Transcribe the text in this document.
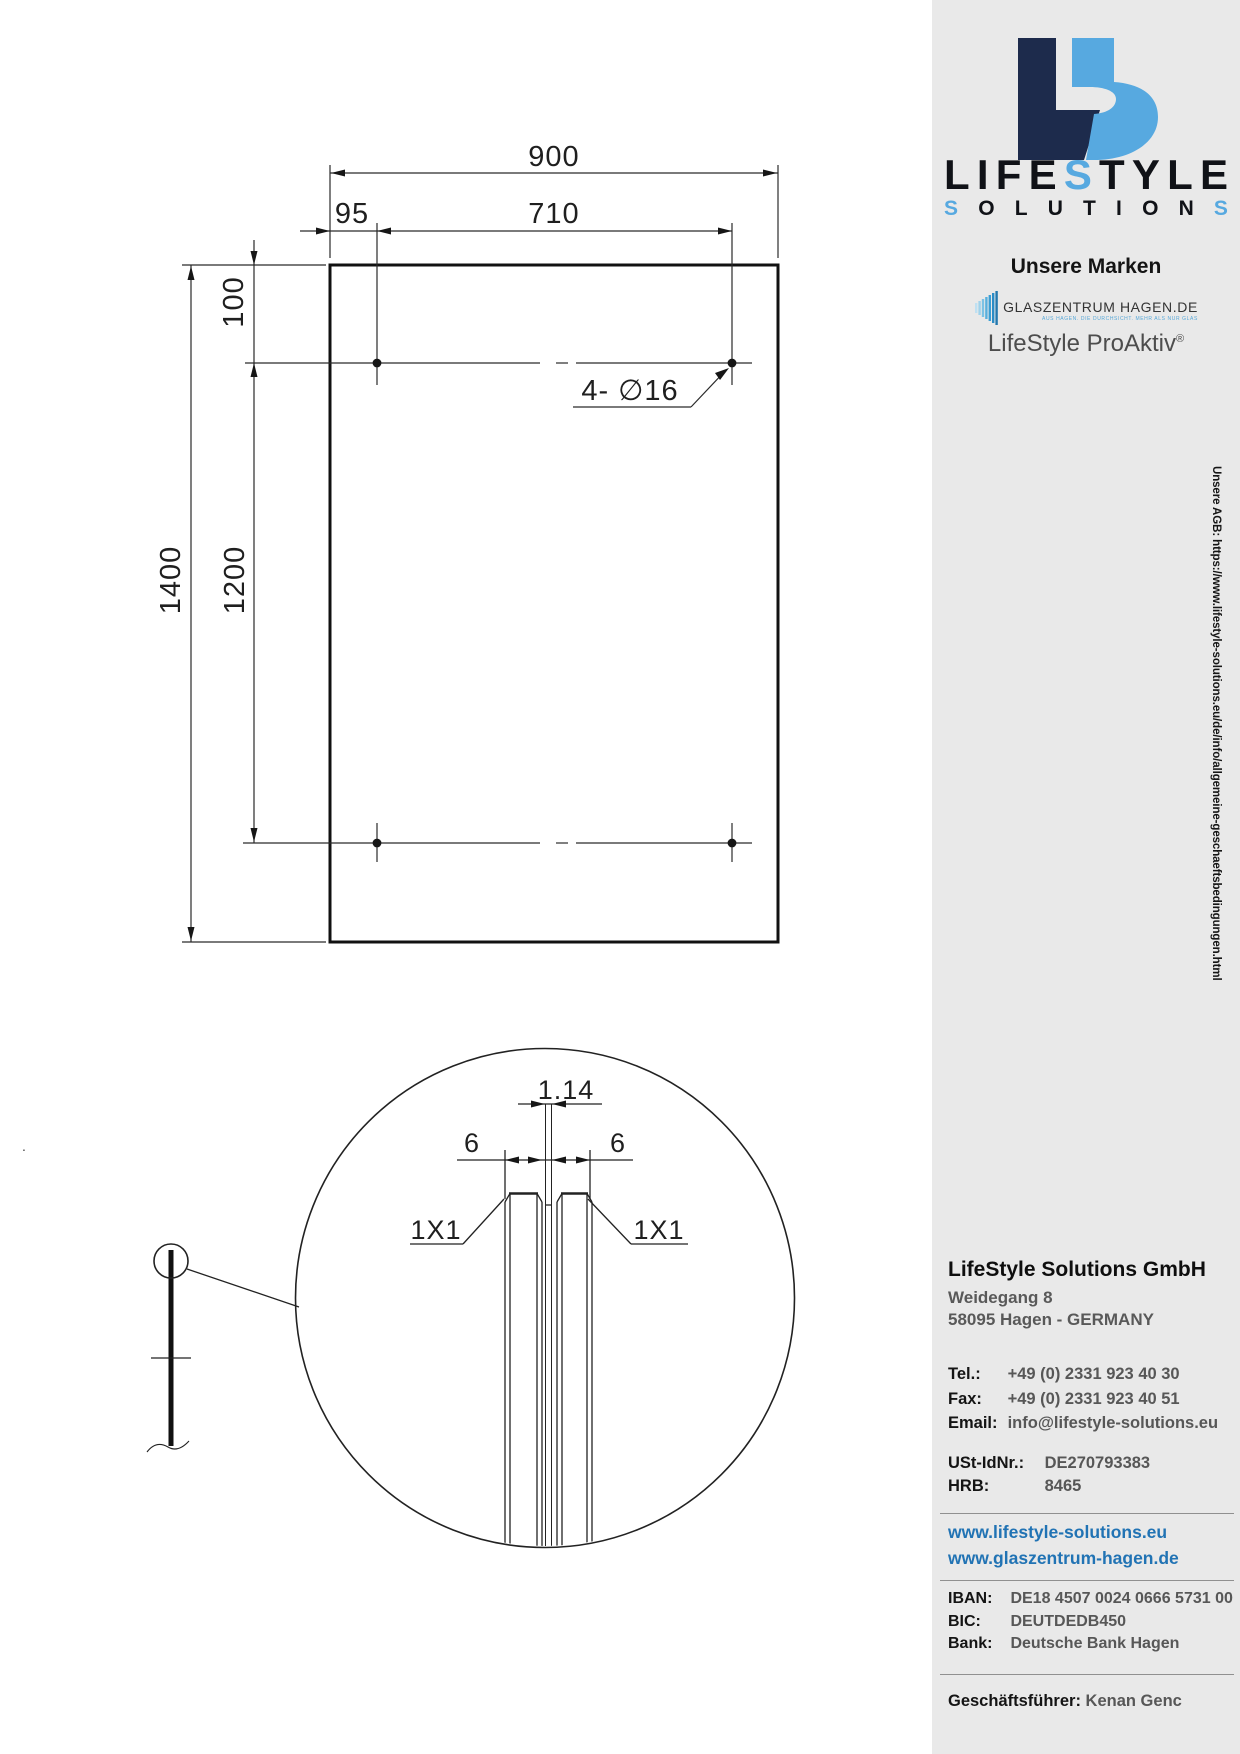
900
95	710
100
1200
1400
4- ∅16
1.14
6	6
1X1	1X1
.
L I F E S T Y L E
S O L U T I O N S
Unsere Marken
GLASZENTRUM HAGEN.DE
AUS HAGEN. DIE DURCHSICHT. MEHR ALS NUR GLAS
LifeStyle ProAktiv®
Unsere AGB: https://www.lifestyle-solutions.eu/de/info/allgemeine-geschaeftsbedingungen.html
LifeStyle Solutions GmbH
Weidegang 8
58095 Hagen - GERMANY
Tel.: +49 (0) 2331 923 40 30
Fax: +49 (0) 2331 923 40 51
Email: info@lifestyle-solutions.eu
USt-IdNr.: DE270793383
HRB:	8465
www.lifestyle-solutions.eu
www.glaszentrum-hagen.de
IBAN: DE18 4507 0024 0666 5731 00
BIC: DEUTDEDB450
Bank: Deutsche Bank Hagen
Geschäftsführer: Kenan Genc
